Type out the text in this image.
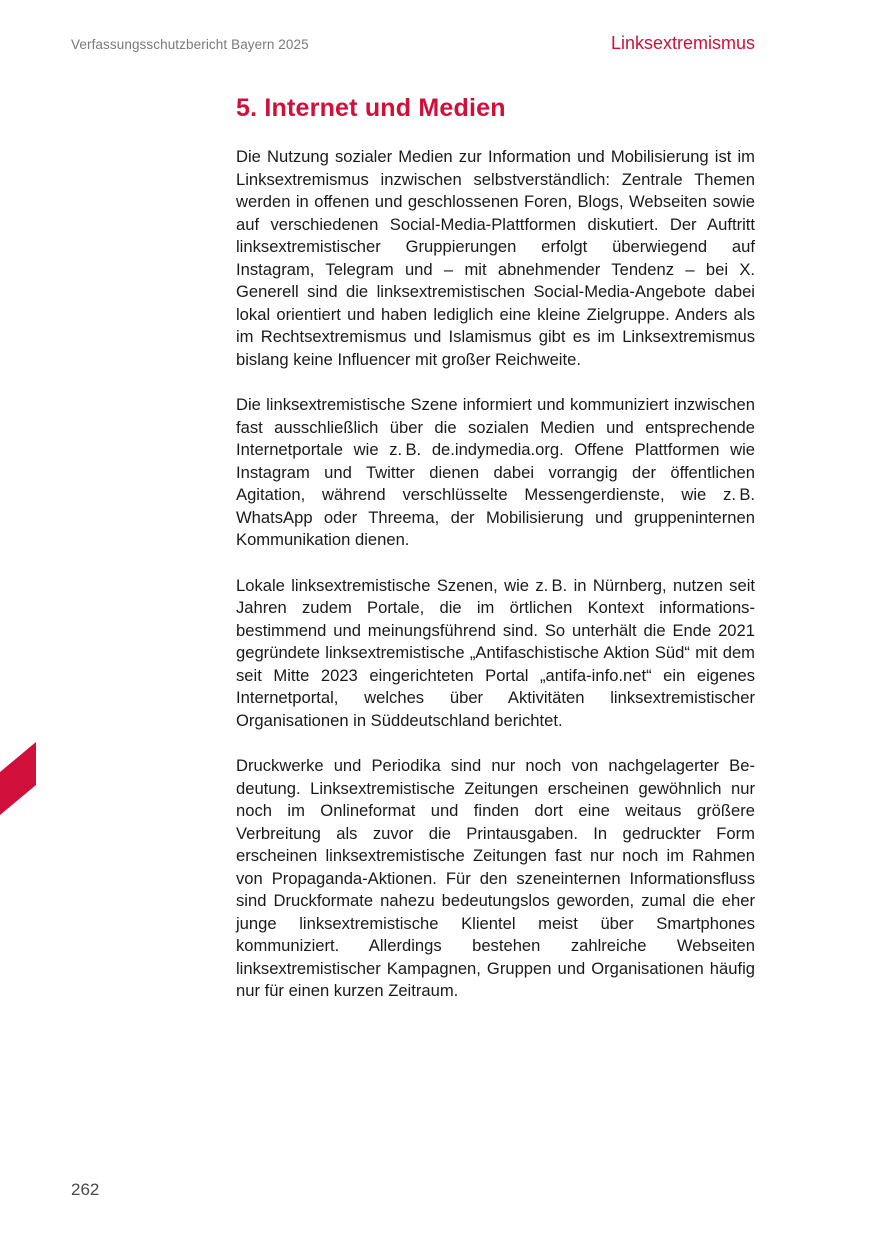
Verfassungsschutzbericht Bayern 2025	Linksextremismus
5. Internet und Medien

Die Nutzung sozialer Medien zur Information und Mobilisierung ist im Linksextremismus inzwischen selbstverständlich: Zentrale Themen werden in offenen und geschlossenen Foren, Blogs, Webseiten sowie auf verschiedenen Social-Media-Plattformen diskutiert. Der Auftritt linksextremistischer Gruppierungen erfolgt überwiegend auf Instagram, Telegram und – mit abnehmender Tendenz – bei X. Generell sind die linksextremistischen Social-Media-Angebote dabei lokal orientiert und haben lediglich eine kleine Zielgruppe. Anders als im Rechtsextremismus und Islamismus gibt es im Linksextremismus bislang keine Influencer mit großer Reichweite.

Die linksextremistische Szene informiert und kommuniziert inzwischen fast ausschließlich über die sozialen Medien und entsprechende Internetportale wie z. B. de.indymedia.org. Offene Plattformen wie Instagram und Twitter dienen dabei vorrangig der öffentlichen Agitation, während verschlüsselte Messengerdienste, wie z. B. WhatsApp oder Threema, der Mobilisierung und gruppeninternen Kommunikation dienen.

Lokale linksextremistische Szenen, wie z. B. in Nürnberg, nutzen seit Jahren zudem Portale, die im örtlichen Kontext informationsbestimmend und meinungsführend sind. So unterhält die Ende 2021 gegründete linksextremistische „Antifaschistische Aktion Süd“ mit dem seit Mitte 2023 eingerichteten Portal „antifa-info.​net“ ein eigenes Internetportal, welches über Aktivitäten linksextremistischer Organisationen in Süddeutschland berichtet.

Druckwerke und Periodika sind nur noch von nachgelagerter Bedeutung. Linksextremistische Zeitungen erscheinen gewöhnlich nur noch im Onlineformat und finden dort eine weitaus größere Verbreitung als zuvor die Printausgaben. In gedruckter Form erscheinen linksextremistische Zeitungen fast nur noch im Rahmen von Propaganda-Aktionen. Für den szeneinternen Informationsfluss sind Druckformate nahezu bedeutungslos geworden, zumal die eher junge linksextremistische Klientel meist über Smartphones kommuniziert. Allerdings bestehen zahlreiche Webseiten linksextremistischer Kampagnen, Gruppen und Organisationen häufig nur für einen kurzen Zeitraum.

262
